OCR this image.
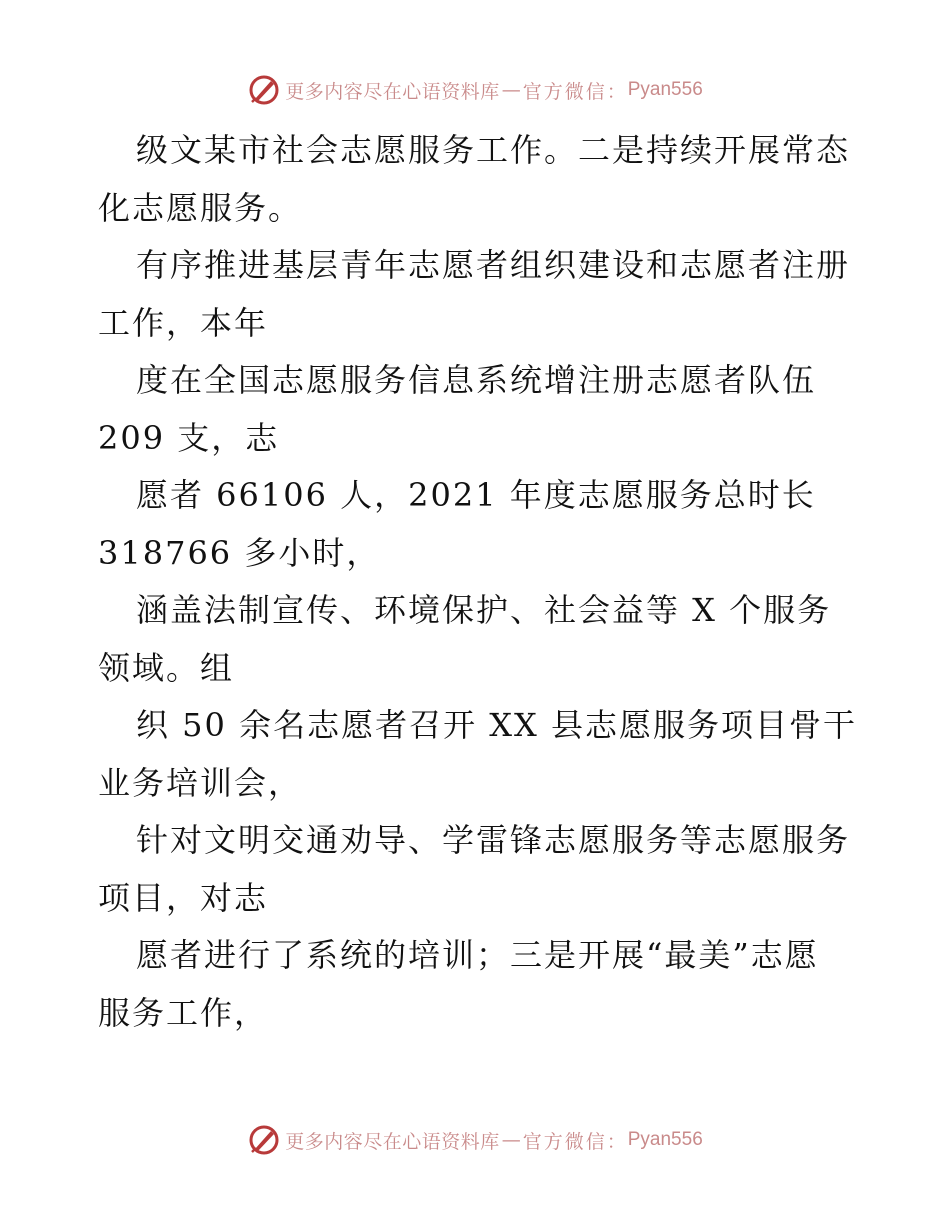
更多内容尽在心语资料库 — 官方微信： Pyan556
级文某市社会志愿服务工作。二是持续开展常态
化志愿服务。
有序推进基层青年志愿者组织建设和志愿者注册
工作，本年
度在全国志愿服务信息系统增注册志愿者队伍
209 支，志
愿者 66106 人，2021 年度志愿服务总时长
318766 多小时，
涵盖法制宣传、环境保护、社会益等 X 个服务
领域。组
织 50 余名志愿者召开 XX 县志愿服务项目骨干
业务培训会，
针对文明交通劝导、学雷锋志愿服务等志愿服务
项目，对志
愿者进行了系统的培训；三是开展“最美”志愿
服务工作，
更多内容尽在心语资料库 — 官方微信： Pyan556
